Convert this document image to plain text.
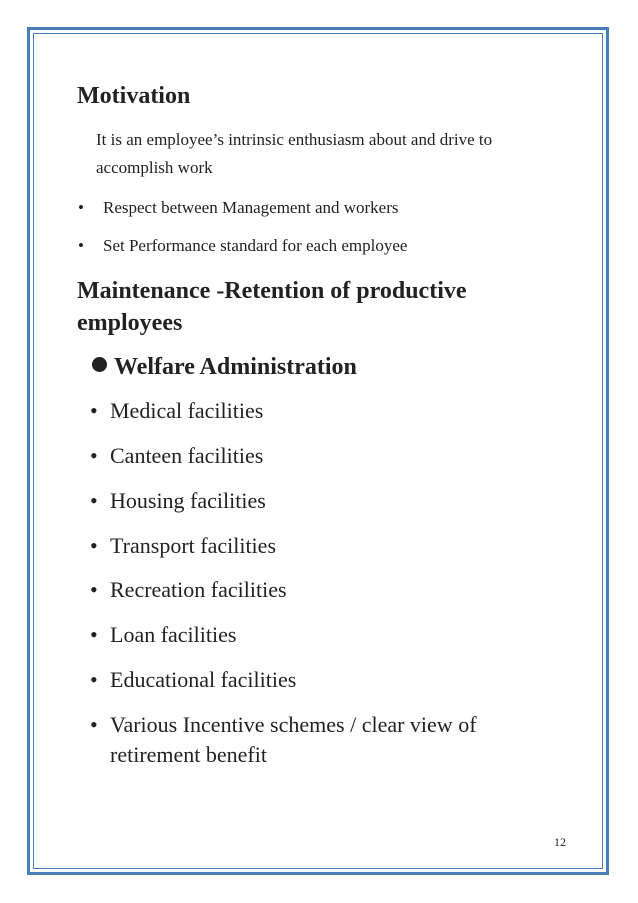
Motivation
It is an employee’s intrinsic enthusiasm about and drive to accomplish work
• Respect between Management and workers
• Set Performance standard for each employee
Maintenance -Retention of productive employees
Welfare Administration
• Medical facilities
• Canteen facilities
• Housing facilities
• Transport facilities
• Recreation facilities
• Loan facilities
• Educational facilities
• Various Incentive schemes / clear view of retirement benefit
12
